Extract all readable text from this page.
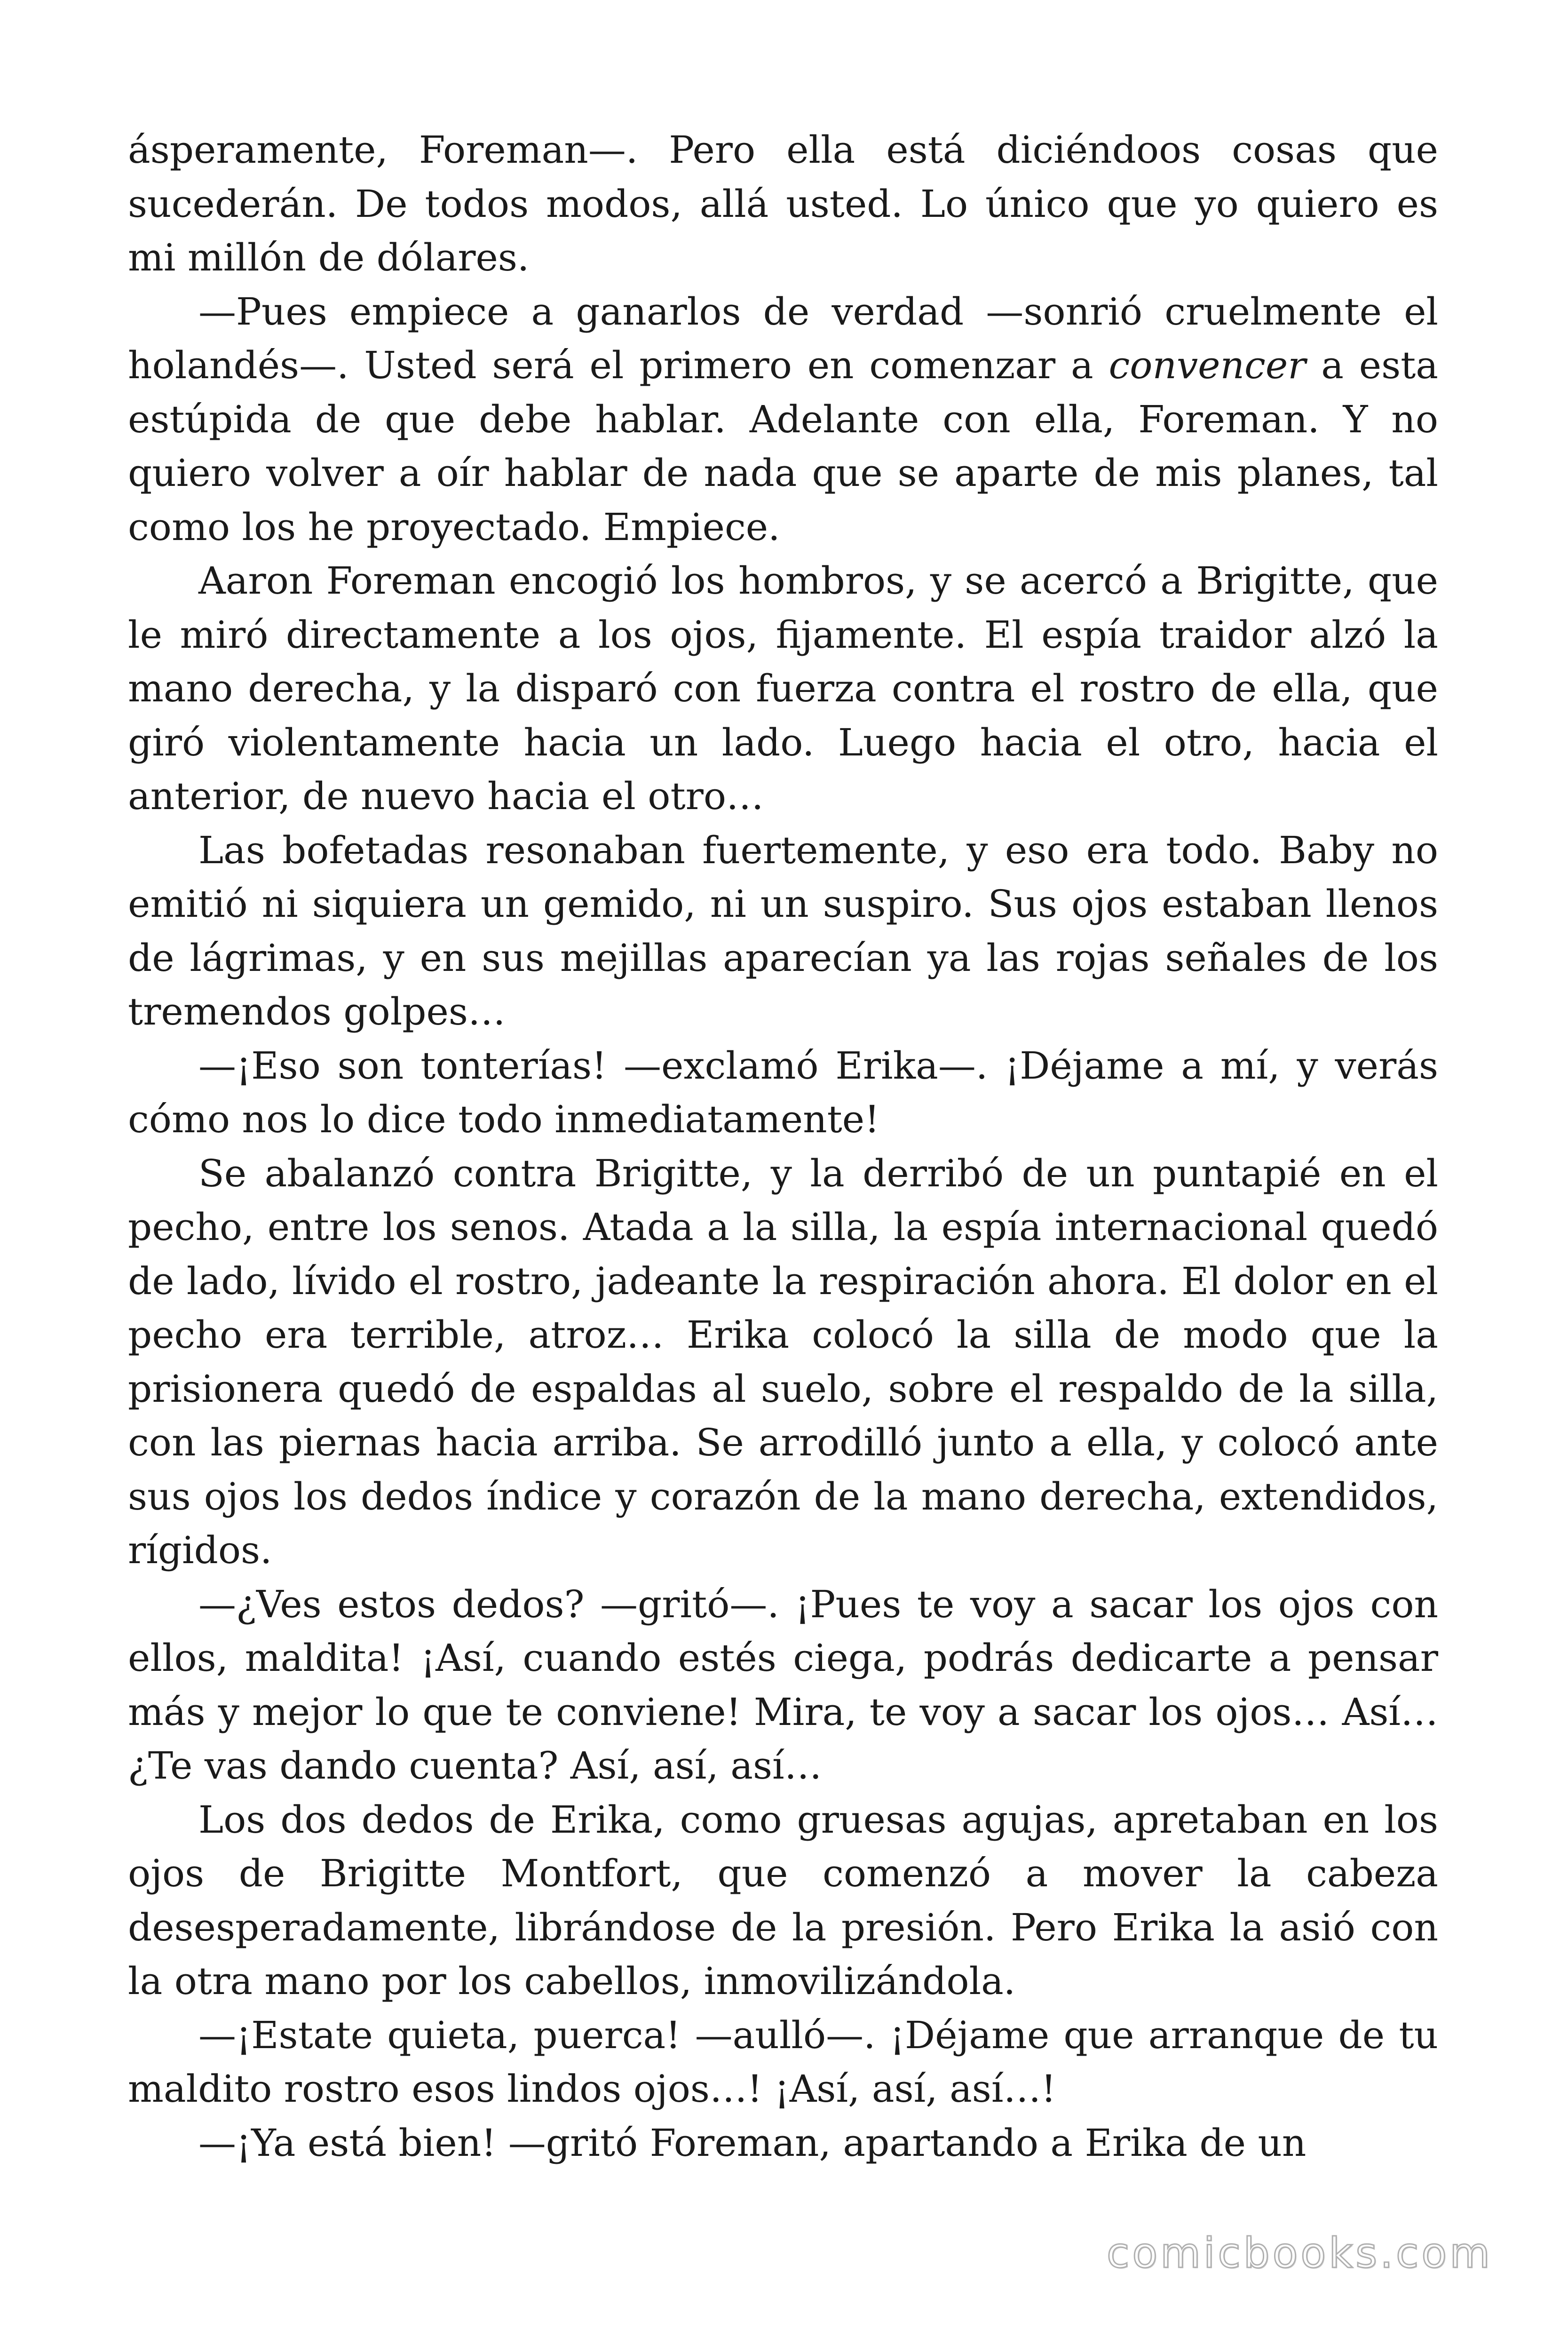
ásperamente, Foreman—. Pero ella está diciéndoos cosas que sucederán. De todos modos, allá usted. Lo único que yo quiero es mi millón de dólares.

—Pues empiece a ganarlos de verdad —sonrió cruelmente el holandés—. Usted será el primero en comenzar a convencer a esta estúpida de que debe hablar. Adelante con ella, Foreman. Y no quiero volver a oír hablar de nada que se aparte de mis planes, tal como los he proyectado. Empiece.

Aaron Foreman encogió los hombros, y se acercó a Brigitte, que le miró directamente a los ojos, fijamente. El espía traidor alzó la mano derecha, y la disparó con fuerza contra el rostro de ella, que giró violentamente hacia un lado. Luego hacia el otro, hacia el anterior, de nuevo hacia el otro…

Las bofetadas resonaban fuertemente, y eso era todo. Baby no emitió ni siquiera un gemido, ni un suspiro. Sus ojos estaban llenos de lágrimas, y en sus mejillas aparecían ya las rojas señales de los tremendos golpes…

—¡Eso son tonterías! —exclamó Erika—. ¡Déjame a mí, y verás cómo nos lo dice todo inmediatamente!

Se abalanzó contra Brigitte, y la derribó de un puntapié en el pecho, entre los senos. Atada a la silla, la espía internacional quedó de lado, lívido el rostro, jadeante la respiración ahora. El dolor en el pecho era terrible, atroz… Erika colocó la silla de modo que la prisionera quedó de espaldas al suelo, sobre el respaldo de la silla, con las piernas hacia arriba. Se arrodilló junto a ella, y colocó ante sus ojos los dedos índice y corazón de la mano derecha, extendidos, rígidos.

—¿Ves estos dedos? —gritó—. ¡Pues te voy a sacar los ojos con ellos, maldita! ¡Así, cuando estés ciega, podrás dedicarte a pensar más y mejor lo que te conviene! Mira, te voy a sacar los ojos… Así… ¿Te vas dando cuenta? Así, así, así…

Los dos dedos de Erika, como gruesas agujas, apretaban en los ojos de Brigitte Montfort, que comenzó a mover la cabeza desesperadamente, librándose de la presión. Pero Erika la asió con la otra mano por los cabellos, inmovilizándola.

—¡Estate quieta, puerca! —aulló—. ¡Déjame que arranque de tu maldito rostro esos lindos ojos…! ¡Así, así, así…!

—¡Ya está bien! —gritó Foreman, apartando a Erika de un

comicbooks.com
